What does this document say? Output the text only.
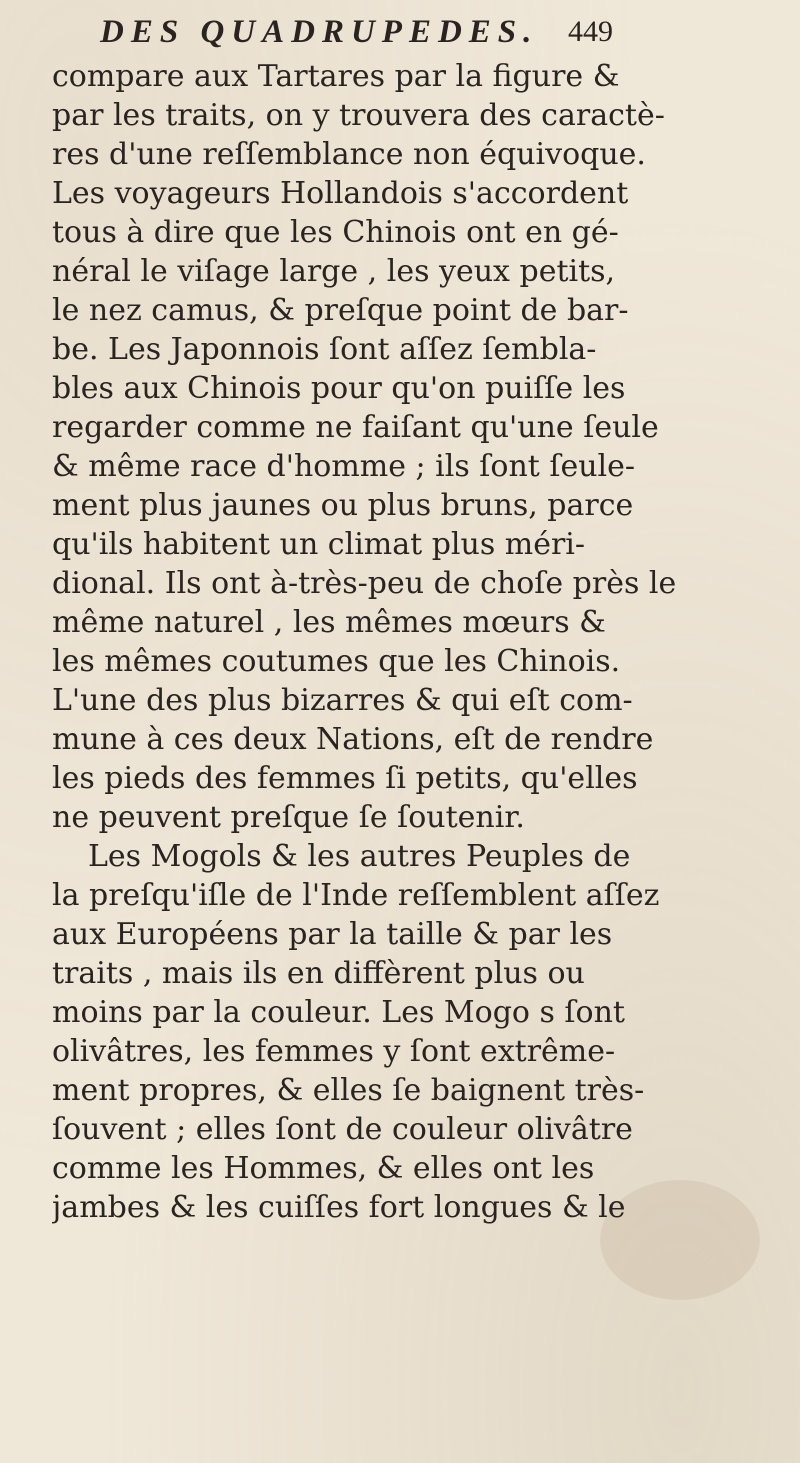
DES QUADRUPEDES. 449
compare aux Tartares par la figure &
par les traits, on y trouvera des caractè-
res d'une reſſemblance non équivoque.
Les voyageurs Hollandois s'accordent
tous à dire que les Chinois ont en gé-
néral le viſage large , les yeux petits,
le nez camus, & preſque point de bar-
be. Les Japonnois ſont aſſez ſembla-
bles aux Chinois pour qu'on puiſſe les
regarder comme ne faiſant qu'une ſeule
& même race d'homme ; ils ſont ſeule-
ment plus jaunes ou plus bruns, parce
qu'ils habitent un climat plus méri-
dional. Ils ont à-très-peu de choſe près le
même naturel , les mêmes mœurs &
les mêmes coutumes que les Chinois.
L'une des plus bizarres & qui eſt com-
mune à ces deux Nations, eſt de rendre
les pieds des femmes ſi petits, qu'elles
ne peuvent preſque ſe ſoutenir.
Les Mogols & les autres Peuples de
la preſqu'iſle de l'Inde reſſemblent aſſez
aux Européens par la taille & par les
traits , mais ils en diffèrent plus ou
moins par la couleur. Les Mogo s ſont
olivâtres, les femmes y ſont extrême-
ment propres, & elles ſe baignent très-
ſouvent ; elles ſont de couleur olivâtre
comme les Hommes, & elles ont les
jambes & les cuiſſes fort longues & le
